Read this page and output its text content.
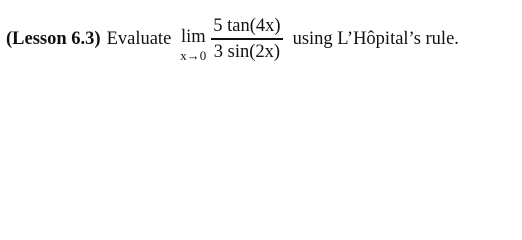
(Lesson 6.3) Evaluate lim
$x\to 0 \frac{5 \tan(4x)}{3 \sin(2x)}$ using L’Hôpital’s rule.
